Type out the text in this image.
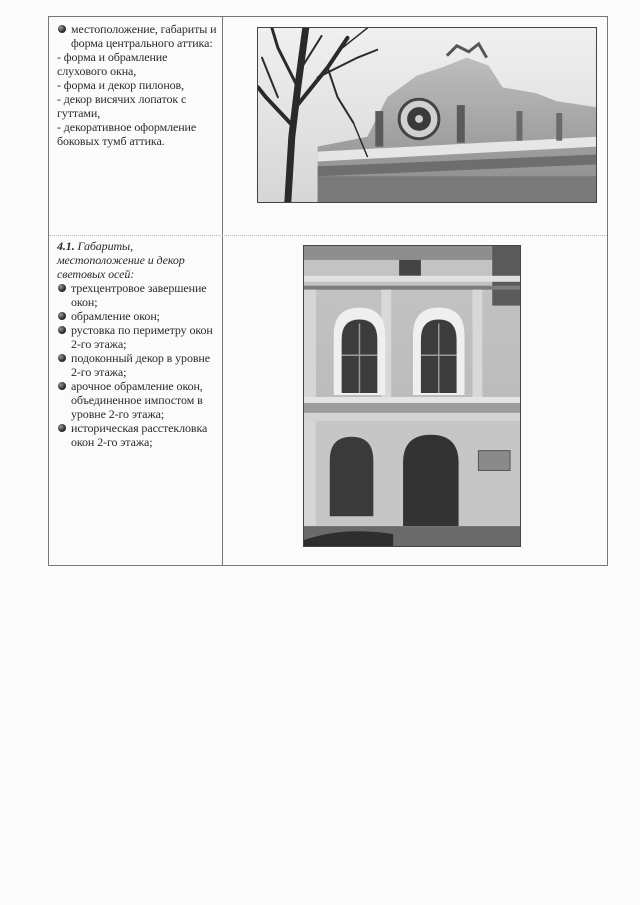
местоположение, габариты и форма центрального аттика:
- форма и обрамление слухового окна,
- форма и декор пилонов,
- декор висячих лопаток с гуттами,
- декоративное оформление боковых тумб аттика.
4.1. Габариты, местоположение и декор световых осей:
трехцентровое завершение окон;
обрамление окон;
рустовка по периметру окон 2-го этажа;
подоконный декор в уровне 2-го этажа;
арочное обрамление окон, объединенное импостом в уровне 2-го этажа;
историческая расстекловка окон 2-го этажа;
